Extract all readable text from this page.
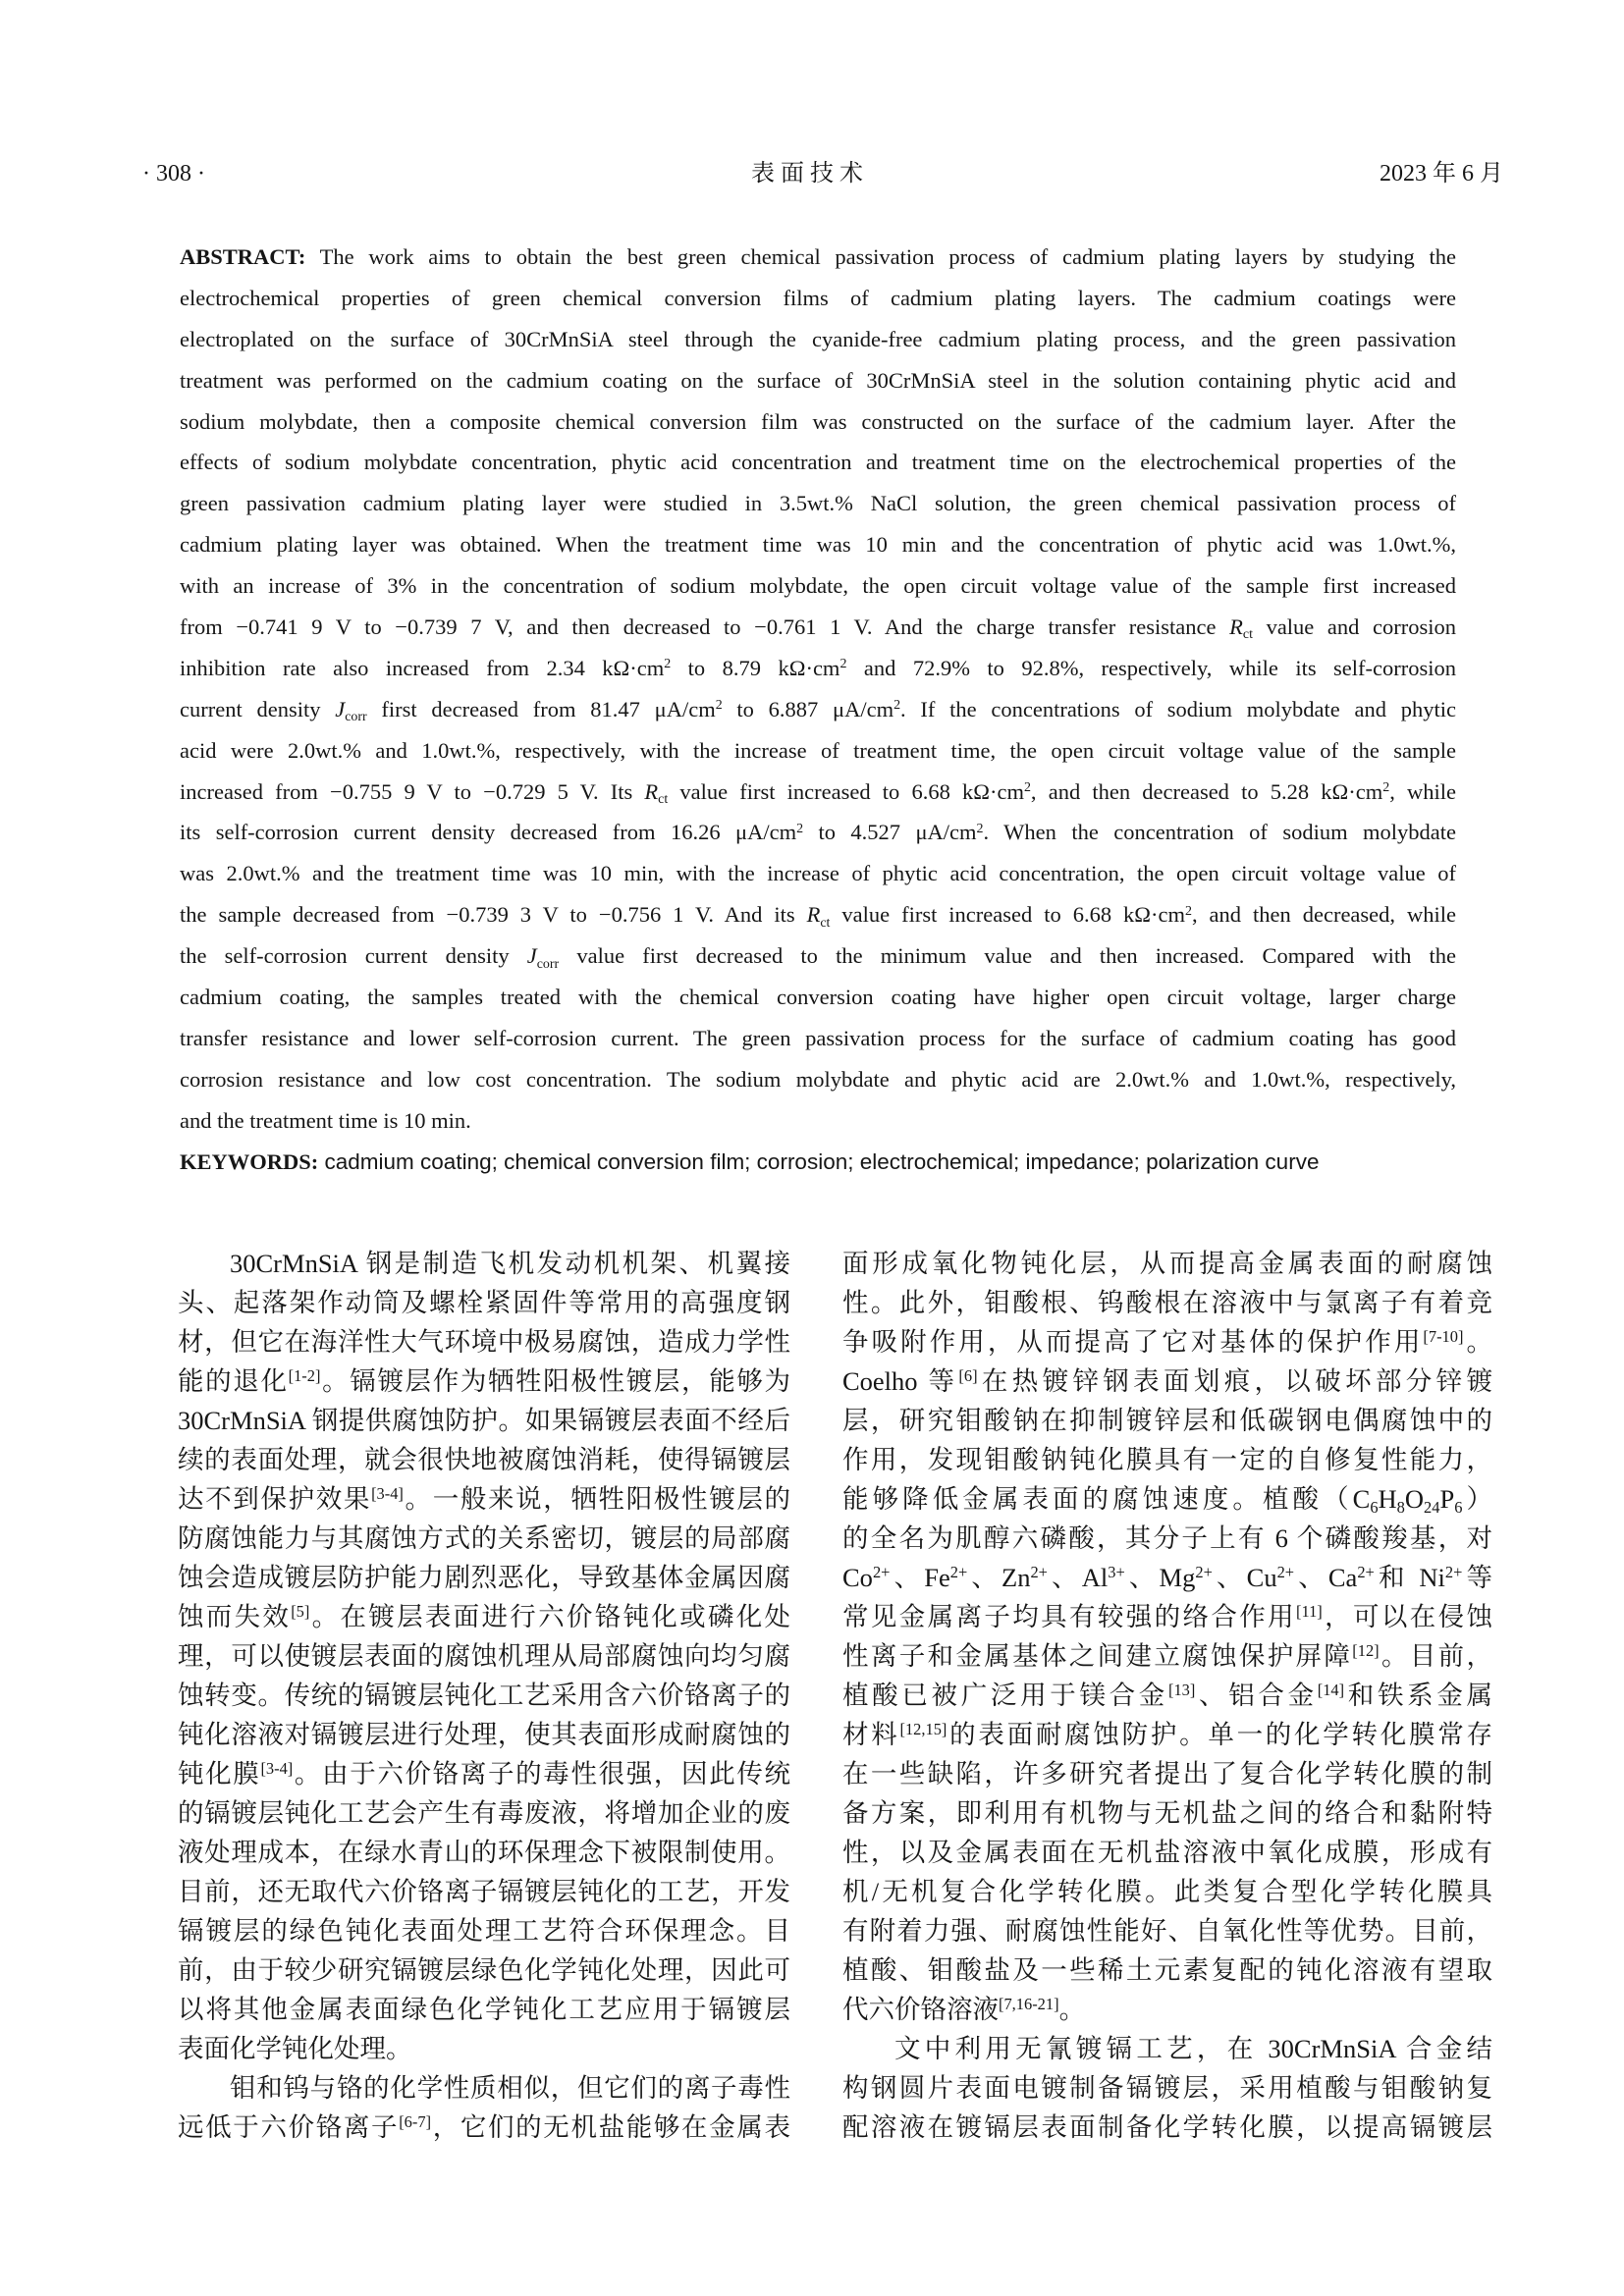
· 308 ·	表 面 技 术	2023 年 6 月
ABSTRACT: The work aims to obtain the best green chemical passivation process of cadmium plating layers by studying the
electrochemical properties of green chemical conversion films of cadmium plating layers. The cadmium coatings were
electroplated on the surface of 30CrMnSiA steel through the cyanide-free cadmium plating process, and the green passivation
treatment was performed on the cadmium coating on the surface of 30CrMnSiA steel in the solution containing phytic acid and
sodium molybdate, then a composite chemical conversion film was constructed on the surface of the cadmium layer. After the
effects of sodium molybdate concentration, phytic acid concentration and treatment time on the electrochemical properties of the
green passivation cadmium plating layer were studied in 3.5wt.% NaCl solution, the green chemical passivation process of
cadmium plating layer was obtained. When the treatment time was 10 min and the concentration of phytic acid was 1.0wt.%,
with an increase of 3% in the concentration of sodium molybdate, the open circuit voltage value of the sample first increased
from −0.741 9 V to −0.739 7 V, and then decreased to −0.761 1 V. And the charge transfer resistance Rct value and corrosion
inhibition rate also increased from 2.34 $k\Omega\cdot cm^2$ to 8.79 $k\Omega\cdot cm^2$ and 72.9% to 92.8%, respectively, while its self-corrosion
current density Jcorr first decreased from 81.47 $\mu A/cm^2$ to 6.887 $\mu A/cm^2$. If the concentrations of sodium molybdate and phytic
acid were 2.0wt.% and 1.0wt.%, respectively, with the increase of treatment time, the open circuit voltage value of the sample
increased from −0.755 9 V to −0.729 5 V. Its Rct value first increased to 6.68 $k\Omega\cdot cm^2$, and then decreased to 5.28 $k\Omega\cdot cm^2$, while
its self-corrosion current density decreased from 16.26 $\mu A/cm^2$ to 4.527 $\mu A/cm^2$. When the concentration of sodium molybdate
was 2.0wt.% and the treatment time was 10 min, with the increase of phytic acid concentration, the open circuit voltage value of
the sample decreased from −0.739 3 V to −0.756 1 V. And its Rct value first increased to 6.68 $k\Omega\cdot cm^2$, and then decreased, while
the self-corrosion current density Jcorr value first decreased to the minimum value and then increased. Compared with the
cadmium coating, the samples treated with the chemical conversion coating have higher open circuit voltage, larger charge
transfer resistance and lower self-corrosion current. The green passivation process for the surface of cadmium coating has good
corrosion resistance and low cost concentration. The sodium molybdate and phytic acid are 2.0wt.% and 1.0wt.%, respectively,
and the treatment time is 10 min.
KEYWORDS: cadmium coating; chemical conversion film; corrosion; electrochemical; impedance; polarization curve
30CrMnSiA 钢是制造飞机发动机机架、机翼接
头、起落架作动筒及螺栓紧固件等常用的高强度钢
材，但它在海洋性大气环境中极易腐蚀，造成力学性
能的退化[1-2]。镉镀层作为牺牲阳极性镀层，能够为
30CrMnSiA 钢提供腐蚀防护。如果镉镀层表面不经后
续的表面处理，就会很快地被腐蚀消耗，使得镉镀层
达不到保护效果[3-4]。一般来说，牺牲阳极性镀层的
防腐蚀能力与其腐蚀方式的关系密切，镀层的局部腐
蚀会造成镀层防护能力剧烈恶化，导致基体金属因腐
蚀而失效[5]。在镀层表面进行六价铬钝化或磷化处
理，可以使镀层表面的腐蚀机理从局部腐蚀向均匀腐
蚀转变。传统的镉镀层钝化工艺采用含六价铬离子的
钝化溶液对镉镀层进行处理，使其表面形成耐腐蚀的
钝化膜[3-4]。由于六价铬离子的毒性很强，因此传统
的镉镀层钝化工艺会产生有毒废液，将增加企业的废
液处理成本，在绿水青山的环保理念下被限制使用。
目前，还无取代六价铬离子镉镀层钝化的工艺，开发
镉镀层的绿色钝化表面处理工艺符合环保理念。目
前，由于较少研究镉镀层绿色化学钝化处理，因此可
以将其他金属表面绿色化学钝化工艺应用于镉镀层
表面化学钝化处理。
钼和钨与铬的化学性质相似，但它们的离子毒性
远低于六价铬离子[6-7]，它们的无机盐能够在金属表
面形成氧化物钝化层，从而提高金属表面的耐腐蚀
性。此外，钼酸根、钨酸根在溶液中与氯离子有着竞
争吸附作用，从而提高了它对基体的保护作用[7-10]。
Coelho 等[6]在热镀锌钢表面划痕，以破坏部分锌镀
层，研究钼酸钠在抑制镀锌层和低碳钢电偶腐蚀中的
作用，发现钼酸钠钝化膜具有一定的自修复性能力，
能够降低金属表面的腐蚀速度。植酸（C6H8O24P6）
的全名为肌醇六磷酸，其分子上有 6 个磷酸羧基，对
$Co^{2+}$、$Fe^{2+}$、$Zn^{2+}$、$Al^{3+}$、$Mg^{2+}$、$Cu^{2+}$、$Ca^{2+}$和 $Ni^{2+}$等
常见金属离子均具有较强的络合作用[11]，可以在侵蚀
性离子和金属基体之间建立腐蚀保护屏障[12]。目前，
植酸已被广泛用于镁合金[13]、铝合金[14]和铁系金属
材料[12,15]的表面耐腐蚀防护。单一的化学转化膜常存
在一些缺陷，许多研究者提出了复合化学转化膜的制
备方案，即利用有机物与无机盐之间的络合和黏附特
性，以及金属表面在无机盐溶液中氧化成膜，形成有
机/无机复合化学转化膜。此类复合型化学转化膜具
有附着力强、耐腐蚀性能好、自氧化性等优势。目前，
植酸、钼酸盐及一些稀土元素复配的钝化溶液有望取
代六价铬溶液[7,16-21]。
文中利用无氰镀镉工艺，在 30CrMnSiA 合金结
构钢圆片表面电镀制备镉镀层，采用植酸与钼酸钠复
配溶液在镀镉层表面制备化学转化膜，以提高镉镀层
